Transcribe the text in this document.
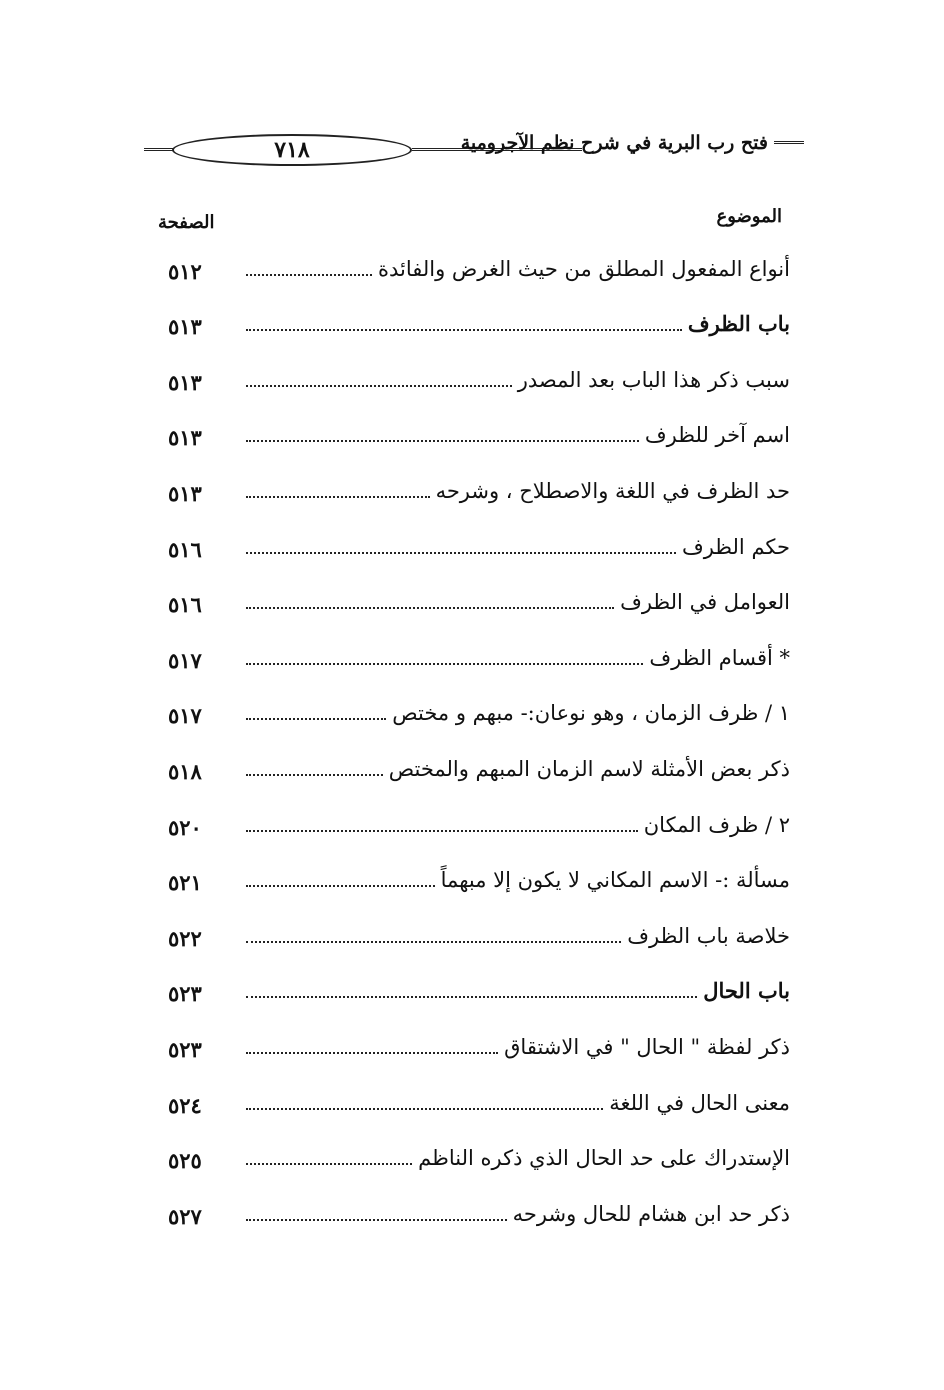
٧١٨	فتح رب البرية في شرح نظم الآجرومية
الموضوع
الصفحة
أنواع المفعول المطلق من حيث الغرض والفائدة
٥١٢
باب الظرف
٥١٣
سبب ذكر هذا الباب بعد المصدر
٥١٣
اسم آخر للظرف
٥١٣
حد الظرف في اللغة والاصطلاح ، وشرحه
٥١٣
حكم الظرف
٥١٦
العوامل في الظرف
٥١٦
* أقسام الظرف
٥١٧
١ / ظرف الزمان ، وهو نوعان:- مبهم و مختص
٥١٧
ذكر بعض الأمثلة لاسم الزمان المبهم والمختص
٥١٨
٢ / ظرف المكان
٥٢٠
مسألة :- الاسم المكاني لا يكون إلا مبهماً
٥٢١
خلاصة باب الظرف
٥٢٢
باب الحال
٥٢٣
ذكر لفظة " الحال " في الاشتقاق
٥٢٣
معنى الحال في اللغة
٥٢٤
الإستدراك على حد الحال الذي ذكره الناظم
٥٢٥
ذكر حد ابن هشام للحال وشرحه
٥٢٧
